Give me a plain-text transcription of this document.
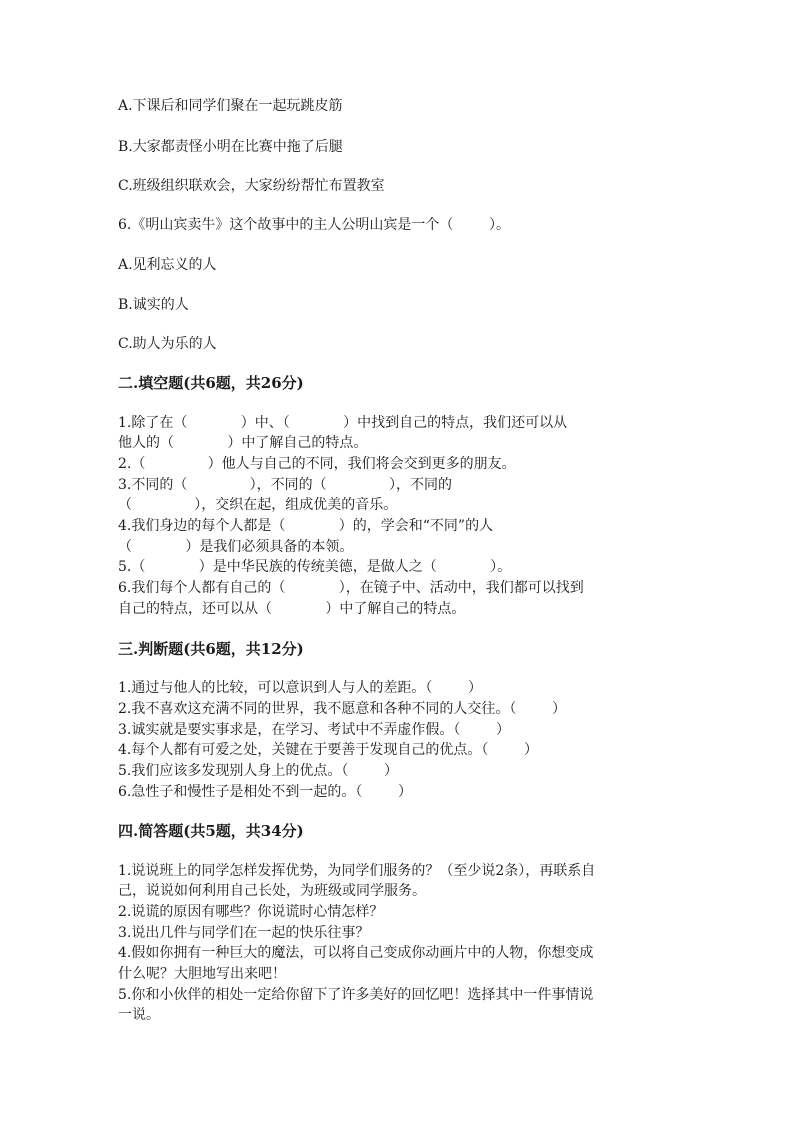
A.下课后和同学们聚在一起玩跳皮筋
B.大家都责怪小明在比赛中拖了后腿
C.班级组织联欢会，大家纷纷帮忙布置教室
6.《明山宾卖牛》这个故事中的主人公明山宾是一个（        ）。
A.见利忘义的人
B.诚实的人
C.助人为乐的人
二.填空题(共6题，共26分)
1.除了在（            ）中、（            ）中找到自己的特点，我们还可以从
他人的（            ）中了解自己的特点。
2.（              ）他人与自己的不同，我们将会交到更多的朋友。
3.不同的（              ），不同的（              ），不同的
（              ），交织在起，组成优美的音乐。
4.我们身边的每个人都是（            ）的，学会和“不同”的人
（            ）是我们必须具备的本领。
5.（            ）是中华民族的传统美德，是做人之（            ）。
6.我们每个人都有自己的（            ），在镜子中、活动中，我们都可以找到
自己的特点，还可以从（            ）中了解自己的特点。
三.判断题(共6题，共12分)
1.通过与他人的比较，可以意识到人与人的差距。（        ）
2.我不喜欢这充满不同的世界，我不愿意和各种不同的人交往。（        ）
3.诚实就是要实事求是，在学习、考试中不弄虚作假。（        ）
4.每个人都有可爱之处，关键在于要善于发现自己的优点。（        ）
5.我们应该多发现别人身上的优点。（        ）
6.急性子和慢性子是相处不到一起的。（        ）
四.简答题(共5题，共34分)
1.说说班上的同学怎样发挥优势，为同学们服务的？（至少说2条），再联系自
己，说说如何利用自己长处，为班级或同学服务。
2.说谎的原因有哪些？你说谎时心情怎样？
3.说出几件与同学们在一起的快乐往事？
4.假如你拥有一种巨大的魔法，可以将自己变成你动画片中的人物，你想变成
什么呢？大胆地写出来吧！
5.你和小伙伴的相处一定给你留下了许多美好的回忆吧！选择其中一件事情说
一说。
